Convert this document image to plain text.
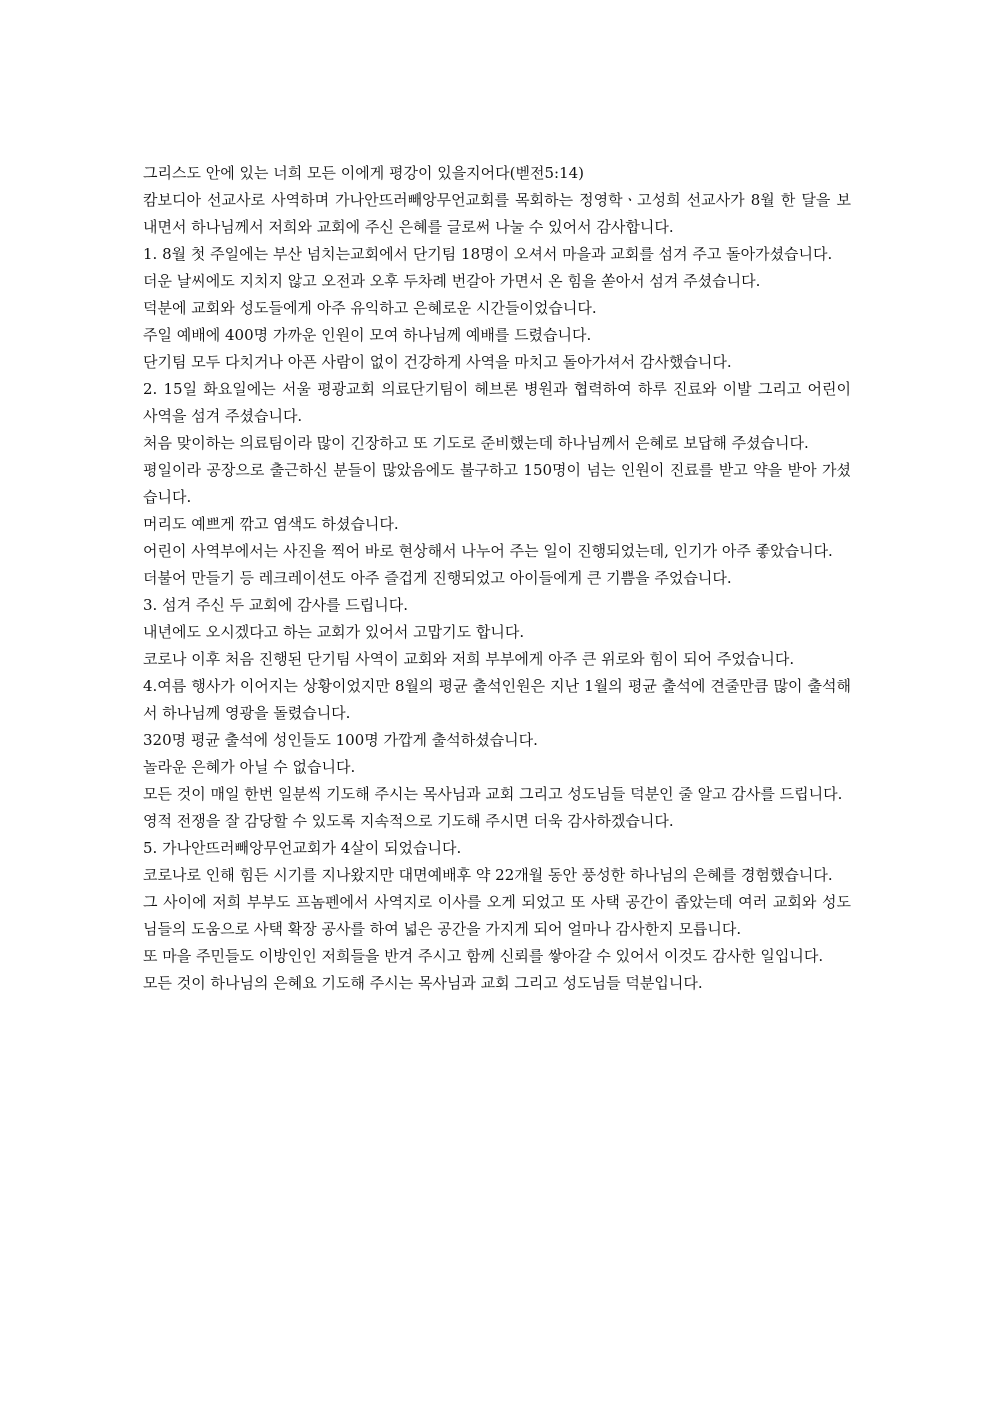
그리스도 안에 있는 너희 모든 이에게 평강이 있을지어다(벧전5:14)

캄보디아 선교사로 사역하며 가나안뜨러빼앙무언교회를 목회하는 정영학ㆍ고성희 선교사가 8월 한 달을 보내면서 하나님께서 저희와 교회에 주신 은혜를 글로써 나눌 수 있어서 감사합니다.

1. 8월 첫 주일에는 부산 넘치는교회에서 단기팀 18명이 오셔서 마을과 교회를 섬겨 주고 돌아가셨습니다.

더운 날씨에도 지치지 않고 오전과 오후 두차례 번갈아 가면서 온 힘을 쏟아서 섬겨 주셨습니다.

덕분에 교회와 성도들에게 아주 유익하고 은혜로운 시간들이었습니다.

주일 예배에 400명 가까운 인원이 모여 하나님께 예배를 드렸습니다.

단기팀 모두 다치거나 아픈 사람이 없이 건강하게 사역을 마치고 돌아가셔서 감사했습니다.

2. 15일 화요일에는 서울 평광교회 의료단기팀이 헤브론 병원과 협력하여 하루 진료와 이발 그리고 어린이 사역을 섬겨 주셨습니다.

처음 맞이하는 의료팀이라 많이 긴장하고 또 기도로 준비했는데 하나님께서 은혜로 보답해 주셨습니다.

평일이라 공장으로 출근하신 분들이 많았음에도 불구하고 150명이 넘는 인원이 진료를 받고 약을 받아 가셨습니다.

머리도 예쁘게 깎고 염색도 하셨습니다.

어린이 사역부에서는 사진을 찍어 바로 현상해서 나누어 주는 일이 진행되었는데, 인기가 아주 좋았습니다.

더불어 만들기 등 레크레이션도 아주 즐겁게 진행되었고 아이들에게 큰 기쁨을 주었습니다.

3. 섬겨 주신 두 교회에 감사를 드립니다.

내년에도 오시겠다고 하는 교회가 있어서 고맙기도 합니다.

코로나 이후 처음 진행된 단기팀 사역이 교회와 저희 부부에게 아주 큰 위로와 힘이 되어 주었습니다.

4.여름 행사가 이어지는 상황이었지만 8월의 평균 출석인원은 지난 1월의 평균 출석에 견줄만큼 많이 출석해서 하나님께 영광을 돌렸습니다.

320명 평균 출석에 성인들도 100명 가깝게 출석하셨습니다.

놀라운 은혜가 아닐 수 없습니다.

모든 것이 매일 한번 일분씩 기도해 주시는 목사님과 교회 그리고 성도님들 덕분인 줄 알고 감사를 드립니다.

영적 전쟁을 잘 감당할 수 있도록 지속적으로 기도해 주시면 더욱 감사하겠습니다.

5. 가나안뜨러빼앙무언교회가 4살이 되었습니다.

코로나로 인해 힘든 시기를 지나왔지만 대면예배후 약 22개월 동안 풍성한 하나님의 은혜를 경험했습니다.

그 사이에 저희 부부도 프놈펜에서 사역지로 이사를 오게 되었고 또 사택 공간이 좁았는데 여러 교회와 성도님들의 도움으로 사택 확장 공사를 하여 넓은 공간을 가지게 되어 얼마나 감사한지 모릅니다.

또 마을 주민들도 이방인인 저희들을 반겨 주시고 함께 신뢰를 쌓아갈 수 있어서 이것도 감사한 일입니다.

모든 것이 하나님의 은혜요 기도해 주시는 목사님과 교회 그리고 성도님들 덕분입니다.
